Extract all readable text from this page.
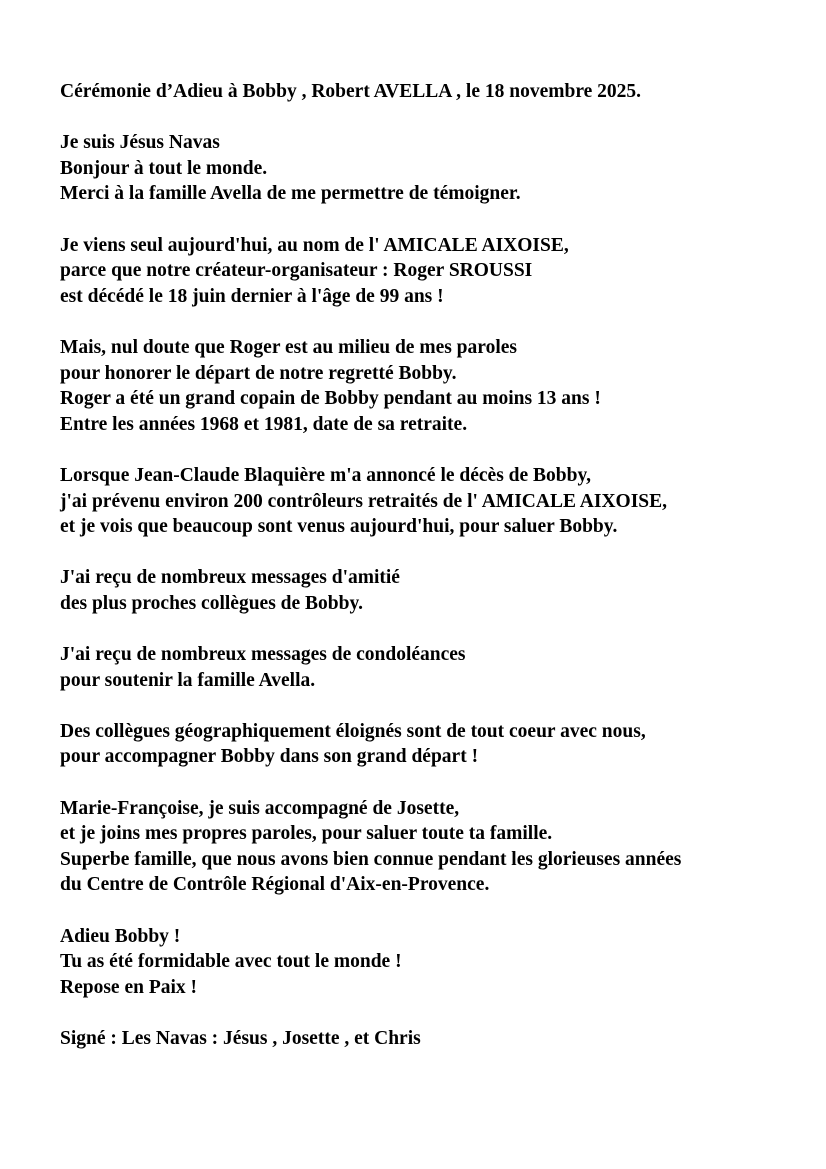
Cérémonie d’Adieu à Bobby , Robert AVELLA , le 18 novembre 2025.

Je suis Jésus Navas
Bonjour à tout le monde.
Merci à la famille Avella de me permettre de témoigner.

Je viens seul aujourd'hui, au nom de l' AMICALE AIXOISE,
parce que notre créateur-organisateur : Roger SROUSSI
est décédé le 18 juin dernier à l'âge de 99 ans !

Mais, nul doute que Roger est au milieu de mes paroles
pour honorer le départ de notre regretté Bobby.
Roger a été un grand copain de Bobby pendant au moins 13 ans !
Entre les années 1968 et 1981, date de sa retraite.

Lorsque Jean-Claude Blaquière m'a annoncé le décès de Bobby,
j'ai prévenu environ 200 contrôleurs retraités de l' AMICALE AIXOISE,
et je vois que beaucoup sont venus aujourd'hui, pour saluer Bobby.

J'ai reçu de nombreux messages d'amitié
des plus proches collègues de Bobby.

J'ai reçu de nombreux messages de condoléances
pour soutenir la famille Avella.

Des collègues géographiquement éloignés sont de tout coeur avec nous,
pour accompagner Bobby dans son grand départ !

Marie-Françoise, je suis accompagné de Josette,
et je joins mes propres paroles, pour saluer toute ta famille.
Superbe famille, que nous avons bien connue pendant les glorieuses années
du Centre de Contrôle Régional d'Aix-en-Provence.

Adieu Bobby !
Tu as été formidable avec tout le monde !
Repose en Paix !

Signé : Les Navas : Jésus , Josette , et Chris
